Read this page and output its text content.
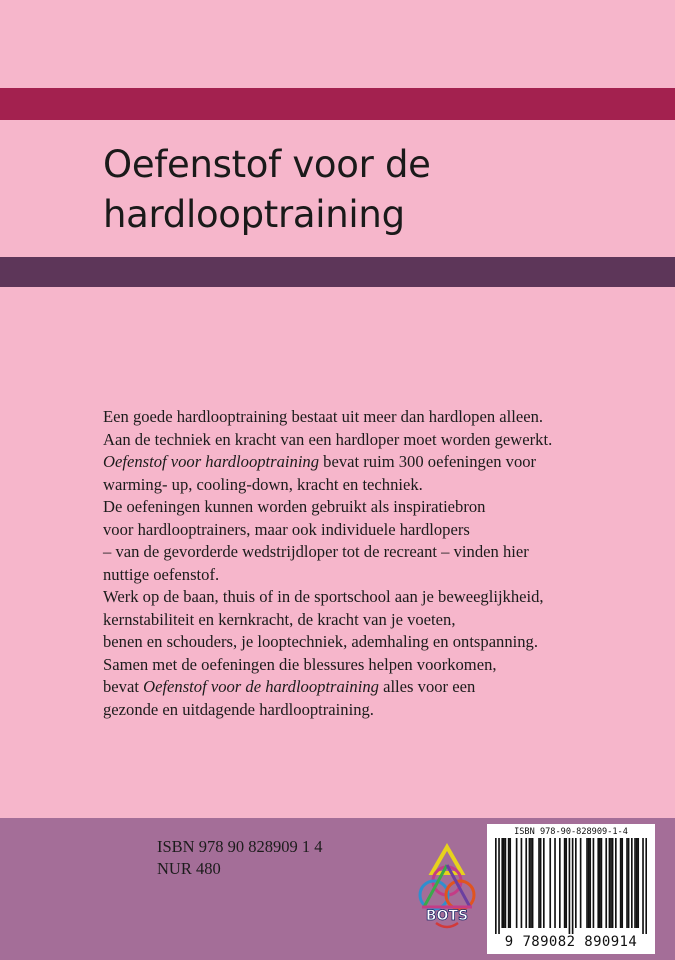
Oefenstof voor de
hardlooptraining

Een goede hardlooptraining bestaat uit meer dan hardlopen alleen.

Aan de techniek en kracht van een hardloper moet worden gewerkt.

Oefenstof voor hardlooptraining bevat ruim 300 oefeningen voor

warming- up, cooling-down, kracht en techniek.

De oefeningen kunnen worden gebruikt als inspiratiebron

voor hardlooptrainers, maar ook individuele hardlopers

– van de gevorderde wedstrijdloper tot de recreant – vinden hier

nuttige oefenstof.

Werk op de baan, thuis of in de sportschool aan je beweeglijkheid,

kernstabiliteit en kernkracht, de kracht van je voeten,

benen en schouders, je looptechniek, ademhaling en ontspanning.

Samen met de oefeningen die blessures helpen voorkomen,

bevat Oefenstof voor de hardlooptraining alles voor een

gezonde en uitdagende hardlooptraining.

ISBN 978 90 828909 1 4
NUR 480
BOTS
ISBN 978-90-828909-1-4
9 789082 890914
